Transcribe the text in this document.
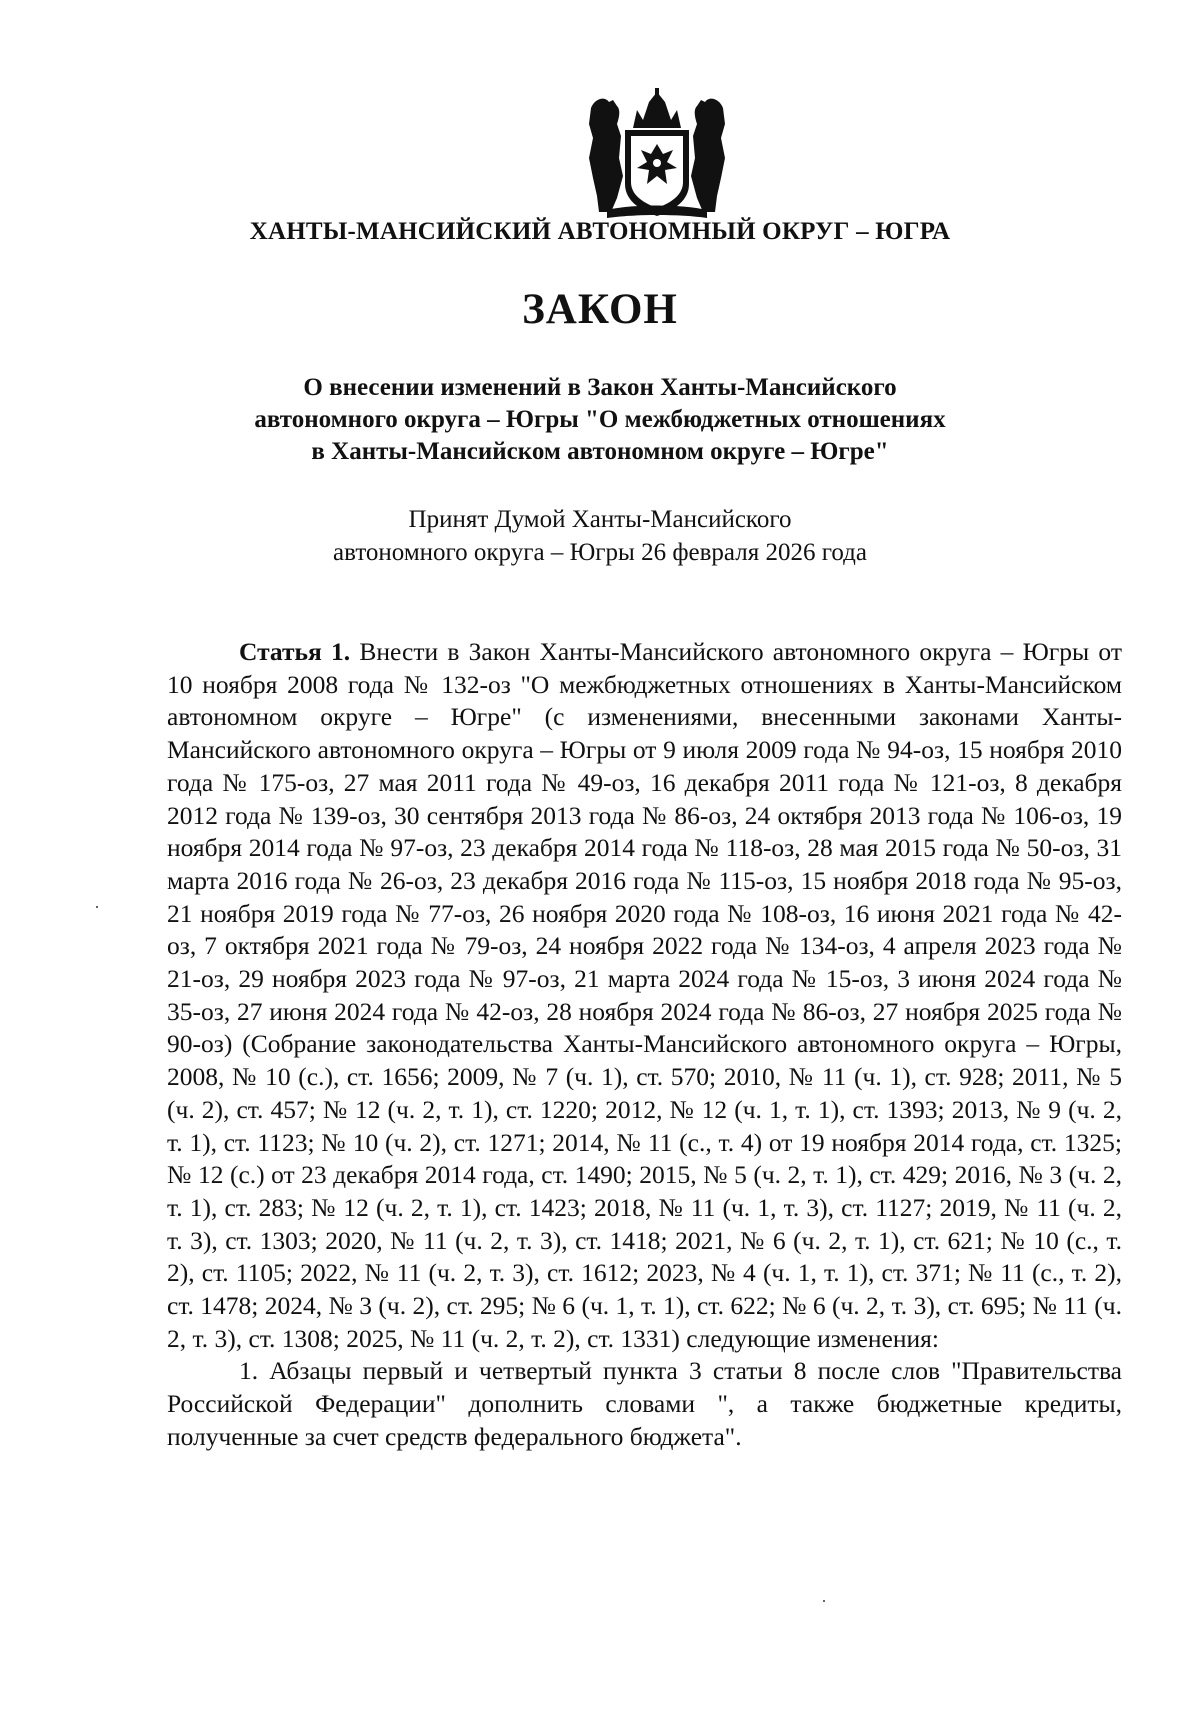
ХАНТЫ-МАНСИЙСКИЙ АВТОНОМНЫЙ ОКРУГ – ЮГРА
ЗАКОН
О внесении изменений в Закон Ханты-Мансийского
автономного округа – Югры "О межбюджетных отношениях
в Ханты-Мансийском автономном округе – Югре"
Принят Думой Ханты-Мансийского
автономного округа – Югры 26 февраля 2026 года

Статья 1. Внести в Закон Ханты-Мансийского автономного округа – Югры от 10 ноября 2008 года № 132-оз "О межбюджетных отношениях в Ханты-Мансийском автономном округе – Югре" (с изменениями, внесенными законами Ханты-Мансийского автономного округа – Югры от 9 июля 2009 года № 94-оз, 15 ноября 2010 года № 175-оз, 27 мая 2011 года № 49-оз, 16 декабря 2011 года № 121-оз, 8 декабря 2012 года № 139-оз, 30 сентября 2013 года № 86-оз, 24 октября 2013 года № 106-оз, 19 ноября 2014 года № 97-оз, 23 декабря 2014 года № 118-оз, 28 мая 2015 года № 50-оз, 31 марта 2016 года № 26-оз, 23 декабря 2016 года № 115-оз, 15 ноября 2018 года № 95-оз, 21 ноября 2019 года № 77-оз, 26 ноября 2020 года № 108-оз, 16 июня 2021 года № 42-оз, 7 октября 2021 года № 79-оз, 24 ноября 2022 года № 134-оз, 4 апреля 2023 года № 21-оз, 29 ноября 2023 года № 97-оз, 21 марта 2024 года № 15-оз, 3 июня 2024 года № 35-оз, 27 июня 2024 года № 42-оз, 28 ноября 2024 года № 86-оз, 27 ноября 2025 года № 90-оз) (Собрание законодательства Ханты-Мансийского автономного округа – Югры, 2008, № 10 (с.), ст. 1656; 2009, № 7 (ч. 1), ст. 570; 2010, № 11 (ч. 1), ст. 928; 2011, № 5 (ч. 2), ст. 457; № 12 (ч. 2, т. 1), ст. 1220; 2012, № 12 (ч. 1, т. 1), ст. 1393; 2013, № 9 (ч. 2, т. 1), ст. 1123; № 10 (ч. 2), ст. 1271; 2014, № 11 (с., т. 4) от 19 ноября 2014 года, ст. 1325; № 12 (с.) от 23 декабря 2014 года, ст. 1490; 2015, № 5 (ч. 2, т. 1), ст. 429; 2016, № 3 (ч. 2, т. 1), ст. 283; № 12 (ч. 2, т. 1), ст. 1423; 2018, № 11 (ч. 1, т. 3), ст. 1127; 2019, № 11 (ч. 2, т. 3), ст. 1303; 2020, № 11 (ч. 2, т. 3), ст. 1418; 2021, № 6 (ч. 2, т. 1), ст. 621; № 10 (с., т. 2), ст. 1105; 2022, № 11 (ч. 2, т. 3), ст. 1612; 2023, № 4 (ч. 1, т. 1), ст. 371; № 11 (с., т. 2), ст. 1478; 2024, № 3 (ч. 2), ст. 295; № 6 (ч. 1, т. 1), ст. 622; № 6 (ч. 2, т. 3), ст. 695; № 11 (ч. 2, т. 3), ст. 1308; 2025, № 11 (ч. 2, т. 2), ст. 1331) следующие изменения:

1. Абзацы первый и четвертый пункта 3 статьи 8 после слов "Правительства Российской Федерации" дополнить словами ", а также бюджетные кредиты, полученные за счет средств федерального бюджета".
